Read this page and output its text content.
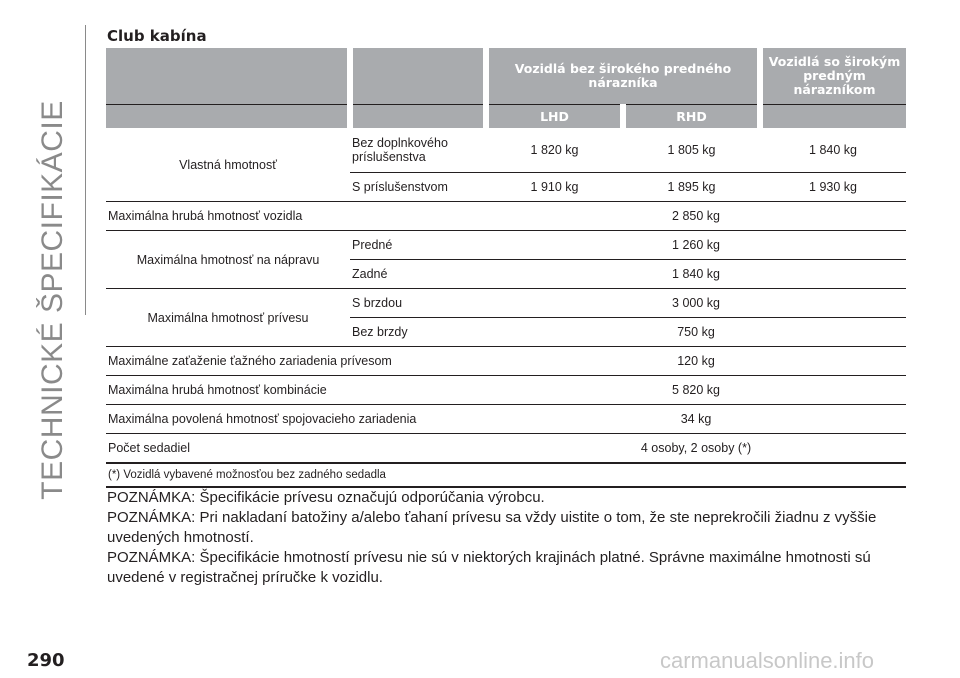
TECHNICKÉ ŠPECIFIKÁCIE
Club kabína
		Vozidlá bez širokého predného nárazníka		Vozidlá so širokým predným nárazníkom
		LHD	RHD	
Vlastná hmotnosť	Bez doplnkového príslušenstva	1 820 kg	1 805 kg	1 840 kg
	S príslušenstvom	1 910 kg	1 895 kg	1 930 kg
Maximálna hrubá hmotnosť vozidla		2 850 kg		
Maximálna hmotnosť na nápravu	Predné	1 260 kg		
	Zadné	1 840 kg		
Maximálna hmotnosť prívesu	S brzdou	3 000 kg		
	Bez brzdy	750 kg		
Maximálne zaťaženie ťažného zariadenia prívesom		120 kg		
Maximálna hrubá hmotnosť kombinácie		5 820 kg		
Maximálna povolená hmotnosť spojovacieho zariadenia		34 kg		
Počet sedadiel		4 osoby, 2 osoby (*)		
(*) Vozidlá vybavené možnosťou bez zadného sedadla				

POZNÁMKA: Špecifikácie prívesu označujú odporúčania výrobcu.

POZNÁMKA: Pri nakladaní batožiny a/alebo ťahaní prívesu sa vždy uistite o tom, že ste neprekročili žiadnu z vyššie uvedených hmotností.

POZNÁMKA: Špecifikácie hmotností prívesu nie sú v niektorých krajinách platné. Správne maximálne hmotnosti sú uvedené v registračnej príručke k vozidlu.

290	carmanualsonline.info
